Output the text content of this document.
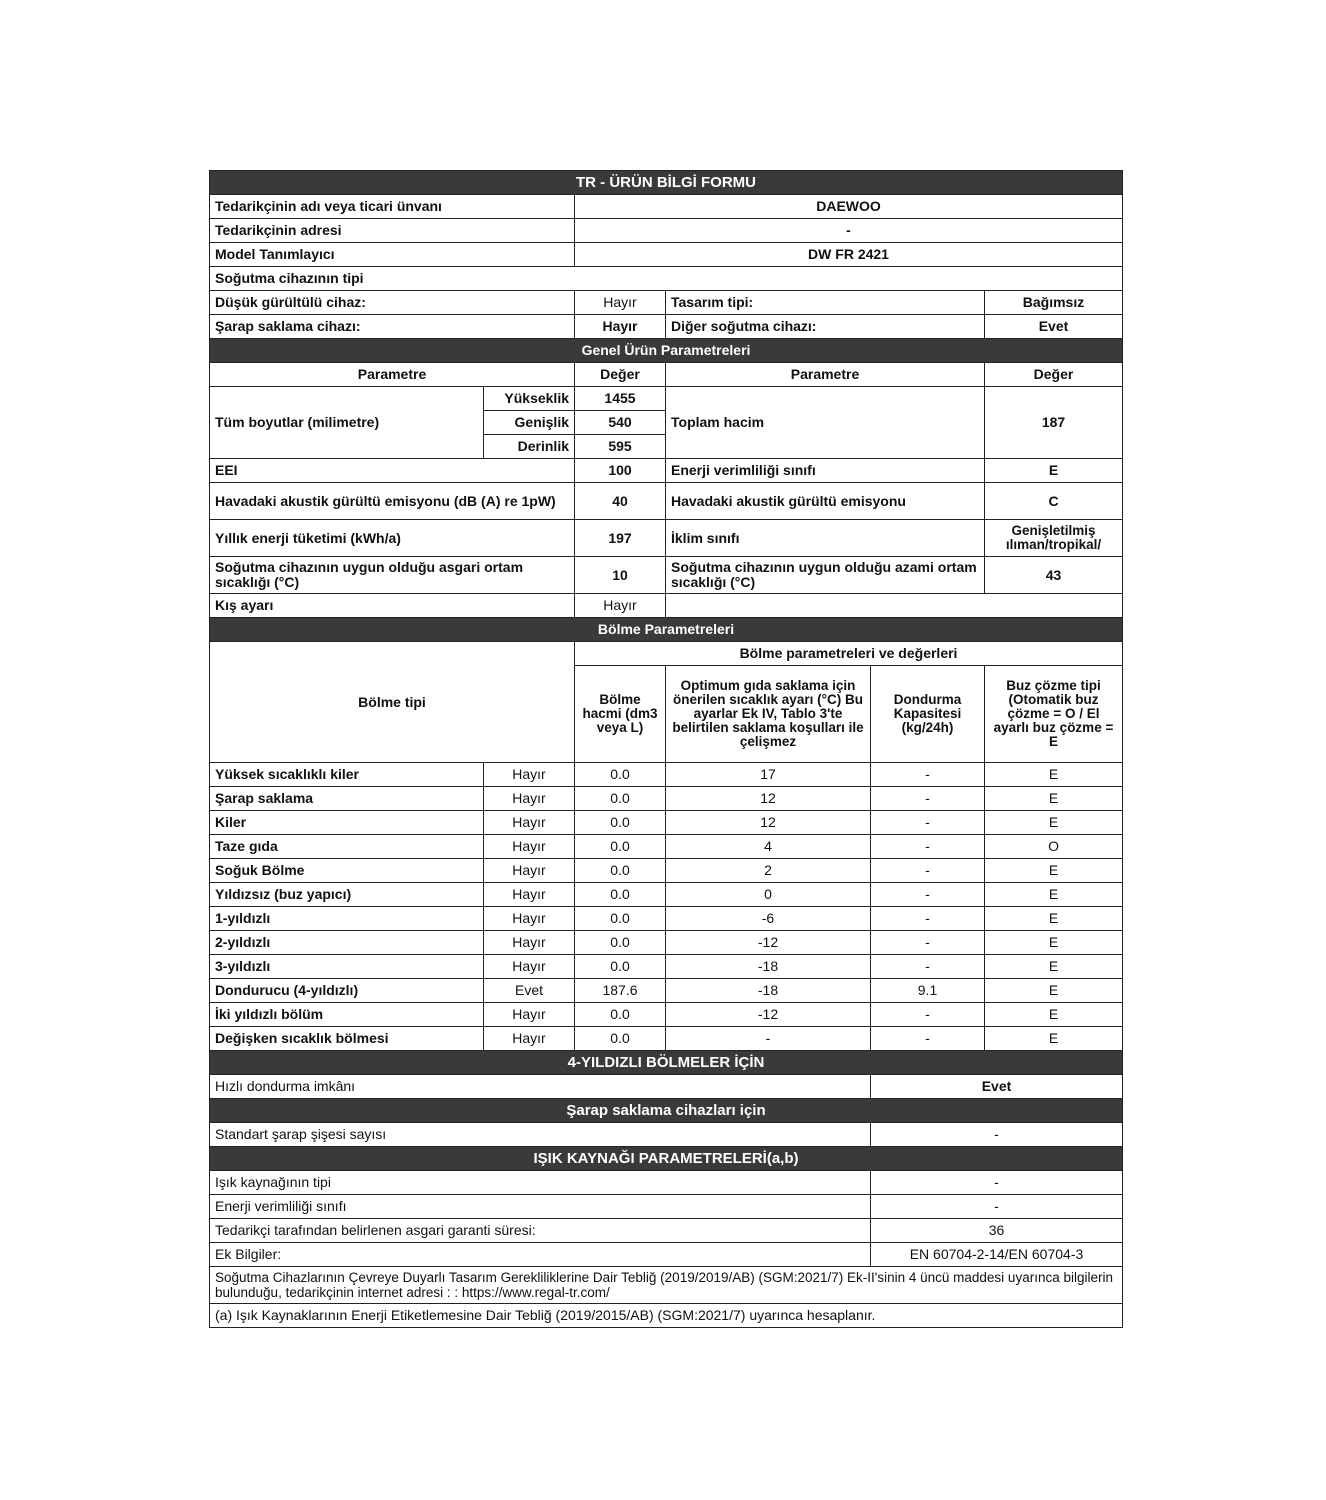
TR - ÜRÜN BİLGİ FORMU					
Tedarikçinin adı veya ticari ünvanı		DAEWOO			
Tedarikçinin adresi		-			
Model Tanımlayıcı		DW FR 2421			
Soğutma cihazının tipi					
Düşük gürültülü cihaz:		Hayır	Tasarım tipi:		Bağımsız
Şarap saklama cihazı:		Hayır	Diğer soğutma cihazı:		Evet
Genel Ürün Parametreleri					
Parametre		Değer	Parametre		Değer
Tüm boyutlar (milimetre)	Yükseklik	1455	Toplam hacim		187
	Genişlik	540			
	Derinlik	595			
EEI		100	Enerji verimliliği sınıfı		E
Havadaki akustik gürültü emisyonu (dB (A) re 1pW)		40	Havadaki akustik gürültü emisyonu		C
Yıllık enerji tüketimi (kWh/a)		197	İklim sınıfı		Genişletilmiş ılıman/tropikal/
Soğutma cihazının uygun olduğu asgari ortam sıcaklığı (°C)		10	Soğutma cihazının uygun olduğu azami ortam sıcaklığı (°C)		43
Kış ayarı		Hayır			
Bölme Parametreleri					
Bölme tipi		Bölme parametreleri ve değerleri			
		Bölme hacmi (dm3 veya L)	Optimum gıda saklama için önerilen sıcaklık ayarı (°C) Bu ayarlar Ek IV, Tablo 3'te belirtilen saklama koşulları ile çelişmez	Dondurma Kapasitesi (kg/24h)	Buz çözme tipi (Otomatik buz çözme = O / El ayarlı buz çözme = E
Yüksek sıcaklıklı kiler	Hayır	0.0	17	-	E
Şarap saklama	Hayır	0.0	12	-	E
Kiler	Hayır	0.0	12	-	E
Taze gıda	Hayır	0.0	4	-	O
Soğuk Bölme	Hayır	0.0	2	-	E
Yıldızsız (buz yapıcı)	Hayır	0.0	0	-	E
1-yıldızlı	Hayır	0.0	-6	-	E
2-yıldızlı	Hayır	0.0	-12	-	E
3-yıldızlı	Hayır	0.0	-18	-	E
Dondurucu (4-yıldızlı)	Evet	187.6	-18	9.1	E
İki yıldızlı bölüm	Hayır	0.0	-12	-	E
Değişken sıcaklık bölmesi	Hayır	0.0	-	-	E
4-YILDIZLI BÖLMELER İÇİN					
Hızlı dondurma imkânı				Evet	
Şarap saklama cihazları için					
Standart şarap şişesi sayısı				-	
IŞIK KAYNAĞI PARAMETRELERİ(a,b)					
Işık kaynağının tipi				-	
Enerji verimliliği sınıfı				-	
Tedarikçi tarafından belirlenen asgari garanti süresi:				36	
Ek Bilgiler:				EN 60704-2-14/EN 60704-3	
Soğutma Cihazlarının Çevreye Duyarlı Tasarım Gerekliliklerine Dair Tebliğ (2019/2019/AB) (SGM:2021/7) Ek-II'sinin 4 üncü maddesi uyarınca bilgilerin bulunduğu, tedarikçinin internet adresi : : https://www.regal-tr.com/					
(a) Işık Kaynaklarının Enerji Etiketlemesine Dair Tebliğ (2019/2015/AB) (SGM:2021/7) uyarınca hesaplanır.					
